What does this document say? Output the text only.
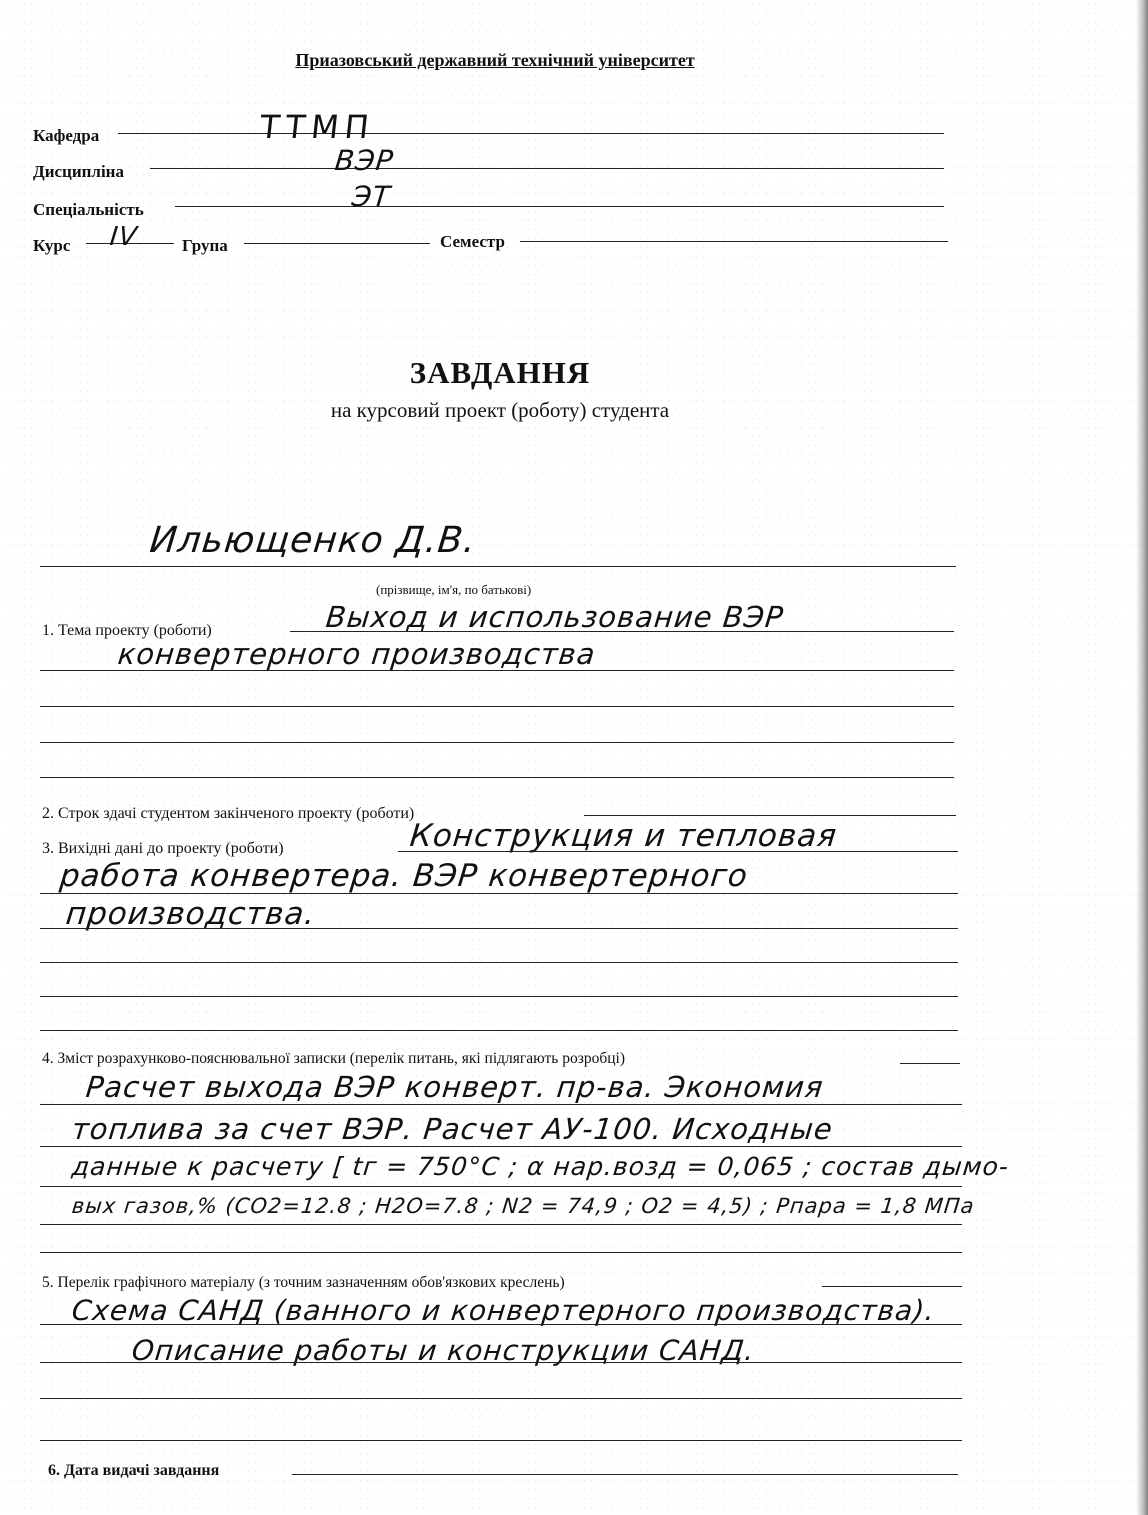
Приазовський державний технічний університет
Кафедра	ТТМП
Дисципліна	ВЭР
Спеціальність	ЭТ
Курс IV	Група	Семестр
ЗАВДАННЯ
на курсовий проект (роботу) студента
Ильющенко Д.В.
(прізвище, ім'я, по батькові)
1. Тема проекту (роботи)	Выход и использование ВЭР
конвертерного производства
2. Строк здачі студентом закінченого проекту (роботи)
3. Вихідні дані до проекту (роботи)	Конструкция и тепловая
работа конвертера. ВЭР конвертерного
производства.
4. Зміст розрахунково-пояснювальної записки (перелік питань, які підлягають розробці)
Расчет выхода ВЭР конверт. пр-ва. Экономия
топлива за счет ВЭР. Расчет АУ-100. Исходные
данные к расчету [ tг = 750°C ; α нар.возд = 0,065 ; состав дымо-
вых газов,% (CO2=12.8 ; H2O=7.8 ; N2 = 74,9 ; O2 = 4,5) ; Pпара = 1,8 МПа
5. Перелік графічного матеріалу (з точним зазначенням обов'язкових креслень)
Схема САНД (ванного и конвертерного производства).
Описание работы и конструкции САНД.
6. Дата видачі завдання
